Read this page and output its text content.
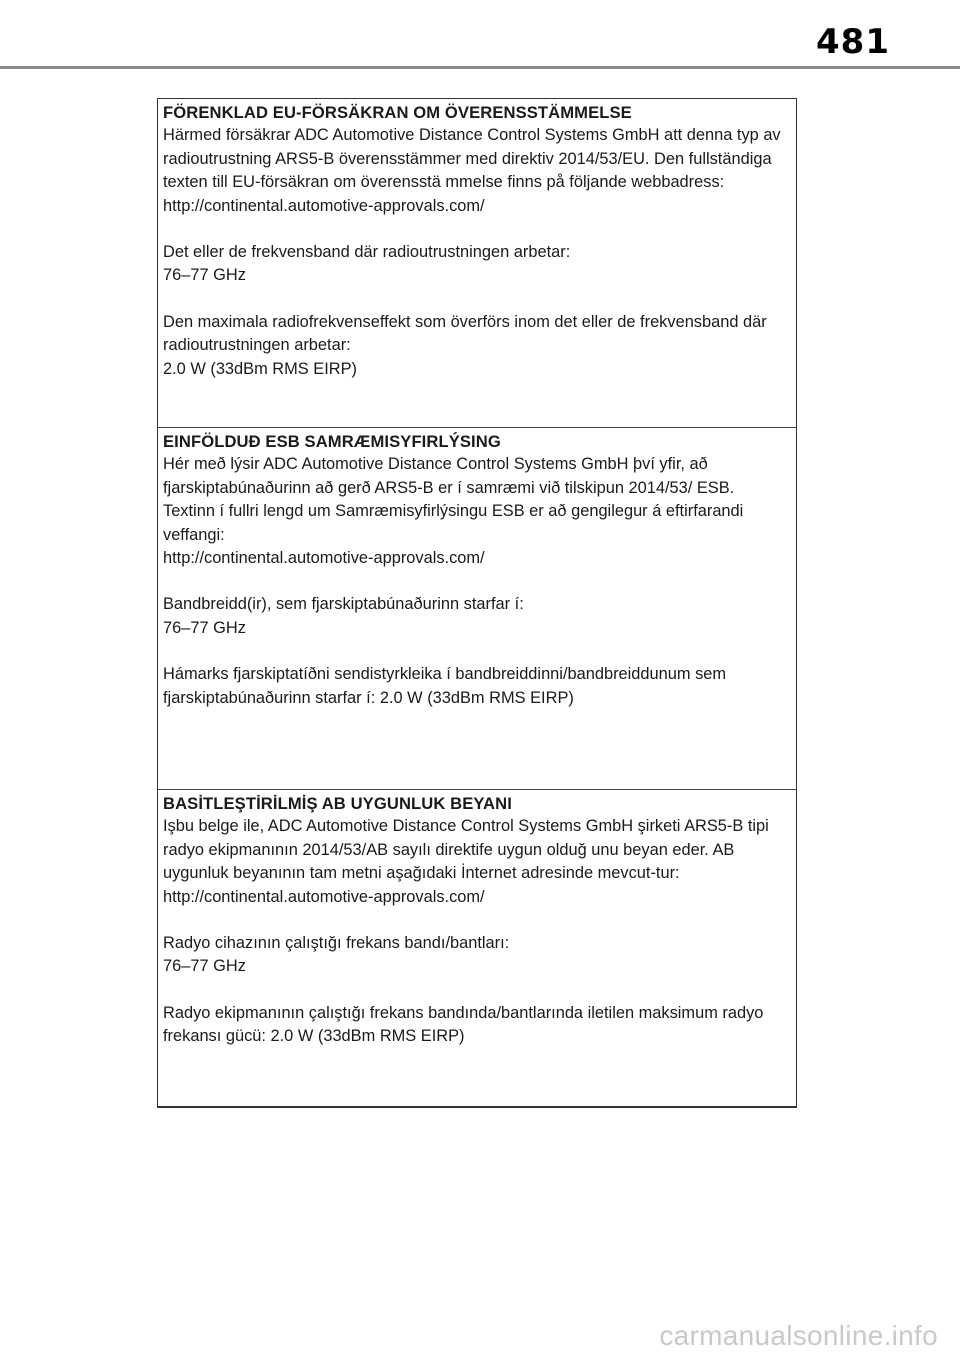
481

FÖRENKLAD EU-FÖRSÄKRAN OM ÖVERENSSTÄMMELSE

Härmed försäkrar ADC Automotive Distance Control Systems GmbH att denna typ av radioutrustning ARS5-B överensstämmer med direktiv 2014/53/EU. Den fullständiga texten till EU-försäkran om överensstä mmelse finns på följande webbadress:

http://continental.automotive-approvals.com/

Det eller de frekvensband där radioutrustningen arbetar:

76–77 GHz

Den maximala radiofrekvenseffekt som överförs inom det eller de frekvensband där radioutrustningen arbetar:

2.0 W (33dBm RMS EIRP)

EINFÖLDUÐ ESB SAMRÆMISYFIRLÝSING

Hér með lýsir ADC Automotive Distance Control Systems GmbH því yfir, að fjarskiptabúnaðurinn að gerð ARS5-B er í samræmi við tilskipun 2014/53/ ESB. Textinn í fullri lengd um Samræmisyfirlýsingu ESB er að gengilegur á eftirfarandi veffangi:

http://continental.automotive-approvals.com/

Bandbreidd(ir), sem fjarskiptabúnaðurinn starfar í:

76–77 GHz

Hámarks fjarskiptatíðni sendistyrkleika í bandbreiddinni/bandbreiddunum sem fjarskiptabúnaðurinn starfar í: 2.0 W (33dBm RMS EIRP)

BASİTLEŞTİRİLMİŞ AB UYGUNLUK BEYANI

Işbu belge ile, ADC Automotive Distance Control Systems GmbH şirketi ARS5-B tipi radyo ekipmanının 2014/53/AB sayılı direktife uygun olduğ unu beyan eder. AB uygunluk beyanının tam metni aşağıdaki İnternet adresinde mevcut-tur:

http://continental.automotive-approvals.com/

Radyo cihazının çalıştığı frekans bandı/bantları:

76–77 GHz

Radyo ekipmanının çalıştığı frekans bandında/bantlarında iletilen maksimum radyo frekansı gücü: 2.0 W (33dBm RMS EIRP)

carmanualsonline.info
